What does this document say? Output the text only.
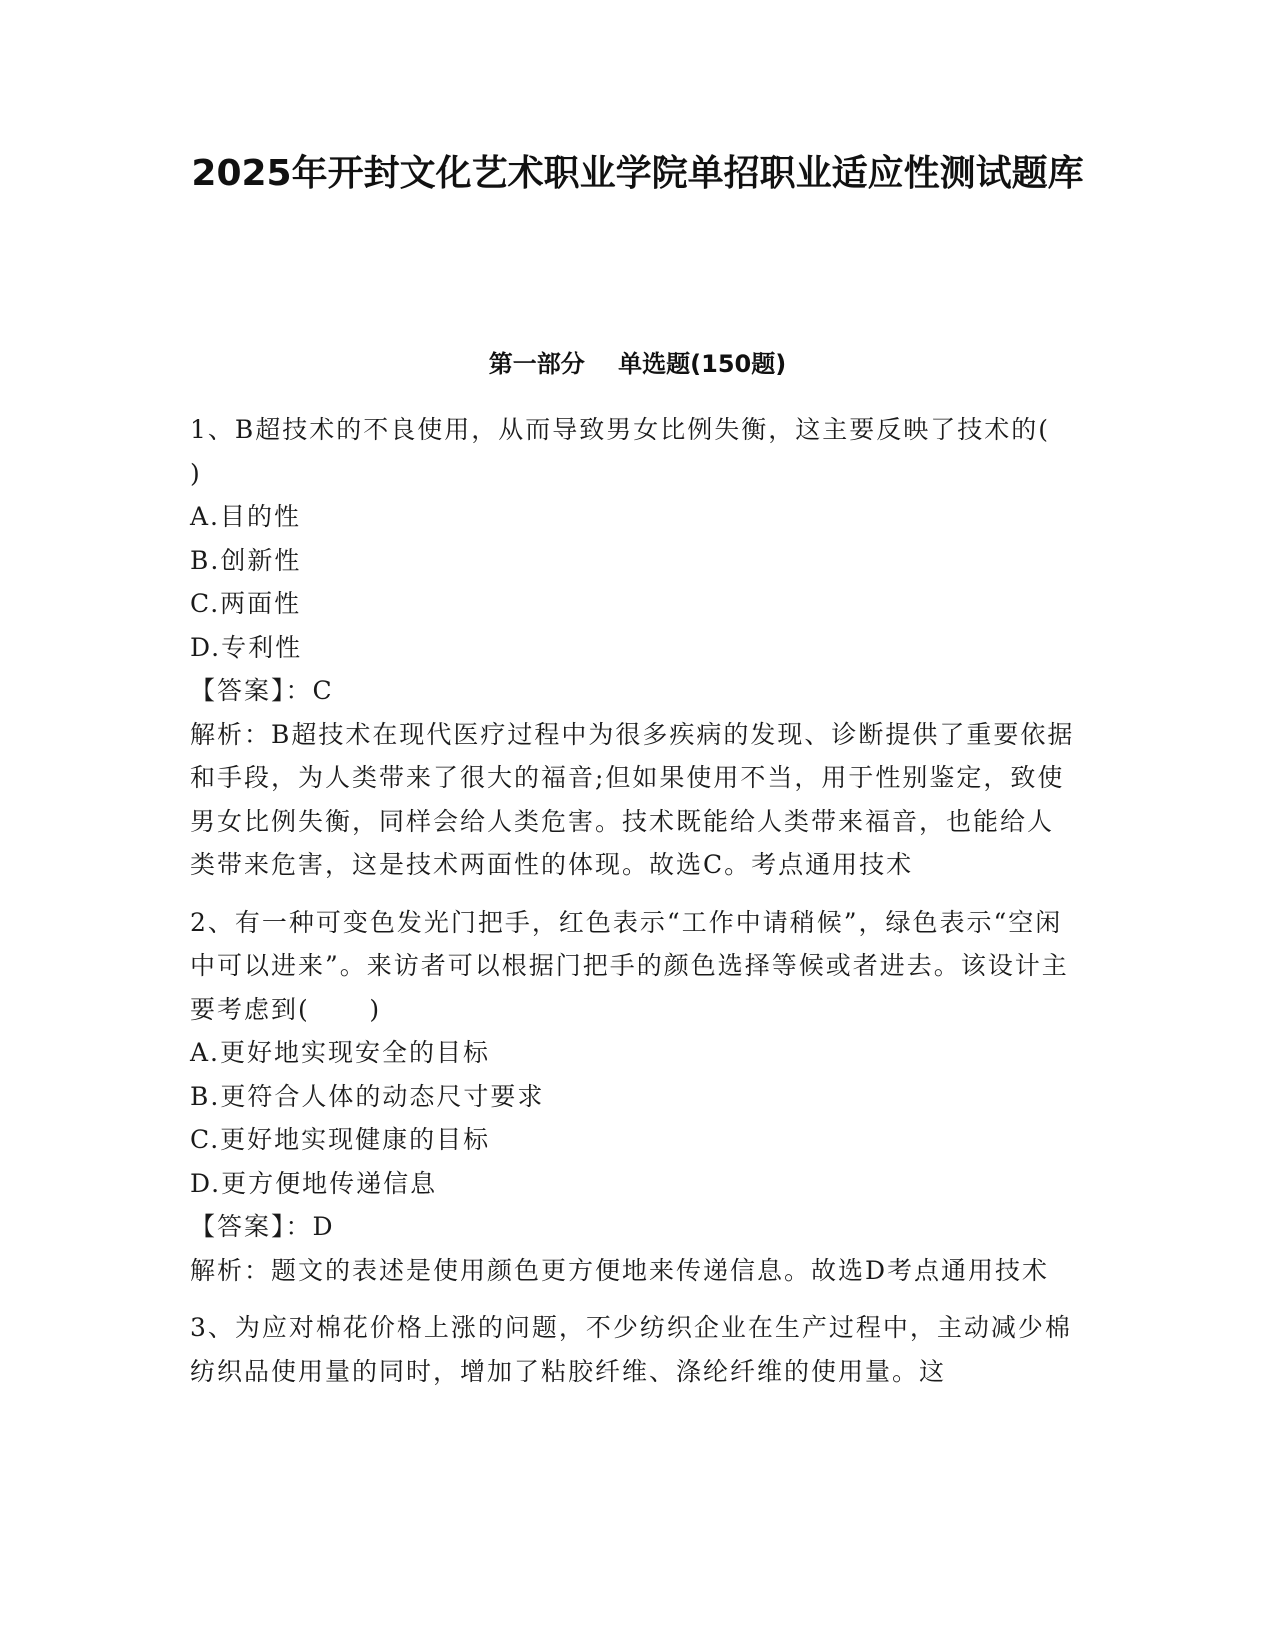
2025年开封文化艺术职业学院单招职业适应性测试题库
第一部分    单选题(150题)

1、B超技术的不良使用，从而导致男女比例失衡，这主要反映了技术的(      )

A.目的性

B.创新性

C.两面性

D.专利性

【答案】：C

解析：B超技术在现代医疗过程中为很多疾病的发现、诊断提供了重要依据和手段，为人类带来了很大的福音;但如果使用不当，用于性别鉴定，致使男女比例失衡，同样会给人类危害。技术既能给人类带来福音，也能给人类带来危害，这是技术两面性的体现。故选C。考点通用技术

2、有一种可变色发光门把手，红色表示“工作中请稍候”，绿色表示“空闲中可以进来”。来访者可以根据门把手的颜色选择等候或者进去。该设计主要考虑到(      )

A.更好地实现安全的目标

B.更符合人体的动态尺寸要求

C.更好地实现健康的目标

D.更方便地传递信息

【答案】：D

解析：题文的表述是使用颜色更方便地来传递信息。故选D考点通用技术

3、为应对棉花价格上涨的问题，不少纺织企业在生产过程中，主动减少棉纺织品使用量的同时，增加了粘胶纤维、涤纶纤维的使用量。这
